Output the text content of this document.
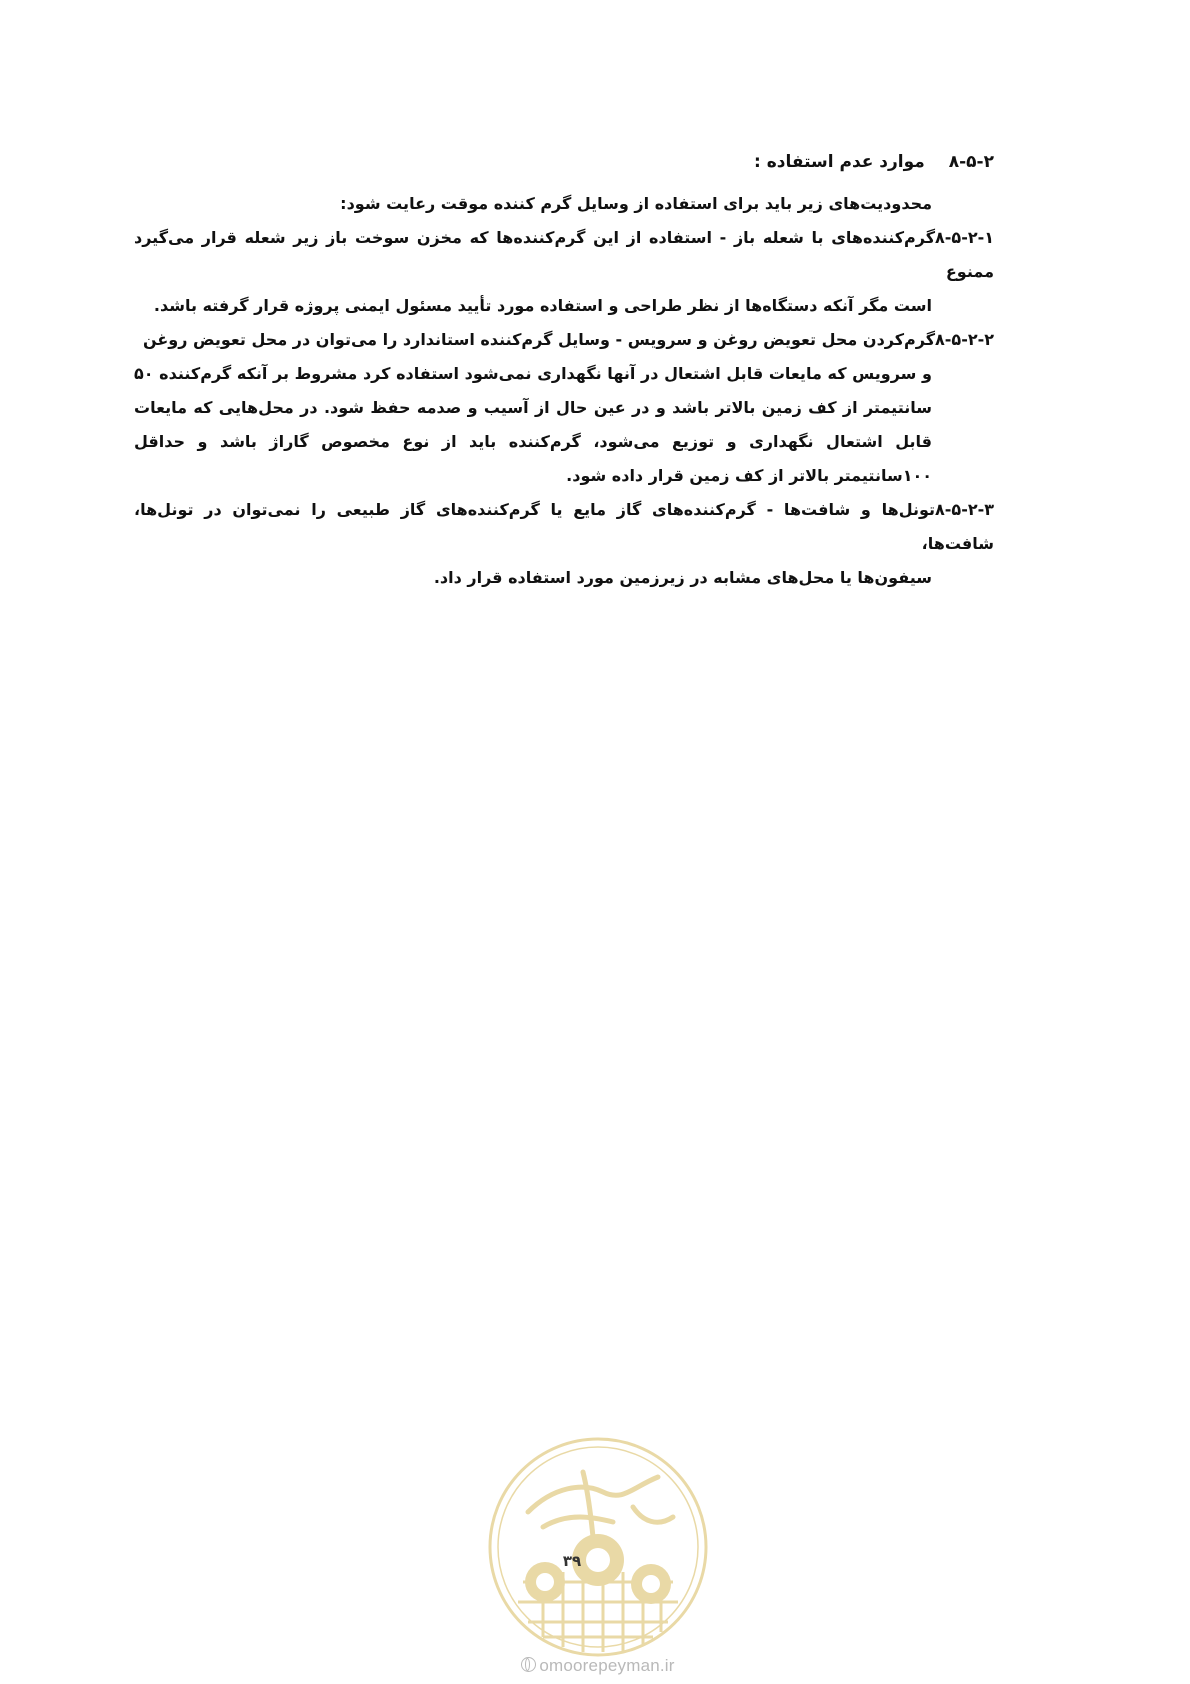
۸-۵-۲ موارد عدم استفاده :

محدودیت‌های زیر باید برای استفاده از وسایل گرم کننده موقت رعایت شود:

۸-۵-۲-۱گرم‌کننده‌های با شعله باز - استفاده از این گرم‌کننده‌ها که مخزن سوخت باز زیر شعله قرار می‌گیرد ممنوع
است مگر آنکه دستگاه‌ها از نظر طراحی و استفاده مورد تأیید مسئول ایمنی پروژه قرار گرفته باشد.

۸-۵-۲-۲گرم‌کردن محل تعویض روغن و سرویس - وسایل گرم‌کننده استاندارد را می‌توان در محل تعویض روغن
و سرویس که مایعات قابل اشتعال در آنها نگهداری نمی‌شود استفاده کرد مشروط بر آنکه گرم‌کننده ۵۰ سانتیمتر از کف زمین بالاتر باشد و در عین حال از آسیب و صدمه حفظ شود. در محل‌هایی که مایعات قابل اشتعال نگهداری و توزیع می‌شود، گرم‌کننده باید از نوع مخصوص گاراژ باشد و حداقل ۱۰۰سانتیمتر بالاتر از کف زمین قرار داده شود.

۸-۵-۲-۳تونل‌ها و شافت‌ها - گرم‌کننده‌های گاز مایع یا گرم‌کننده‌های گاز طبیعی را نمی‌توان در تونل‌ها، شافت‌ها،
سیفون‌ها یا محل‌های مشابه در زیرزمین مورد استفاده قرار داد.

۳۹
omoorepeyman.ir
